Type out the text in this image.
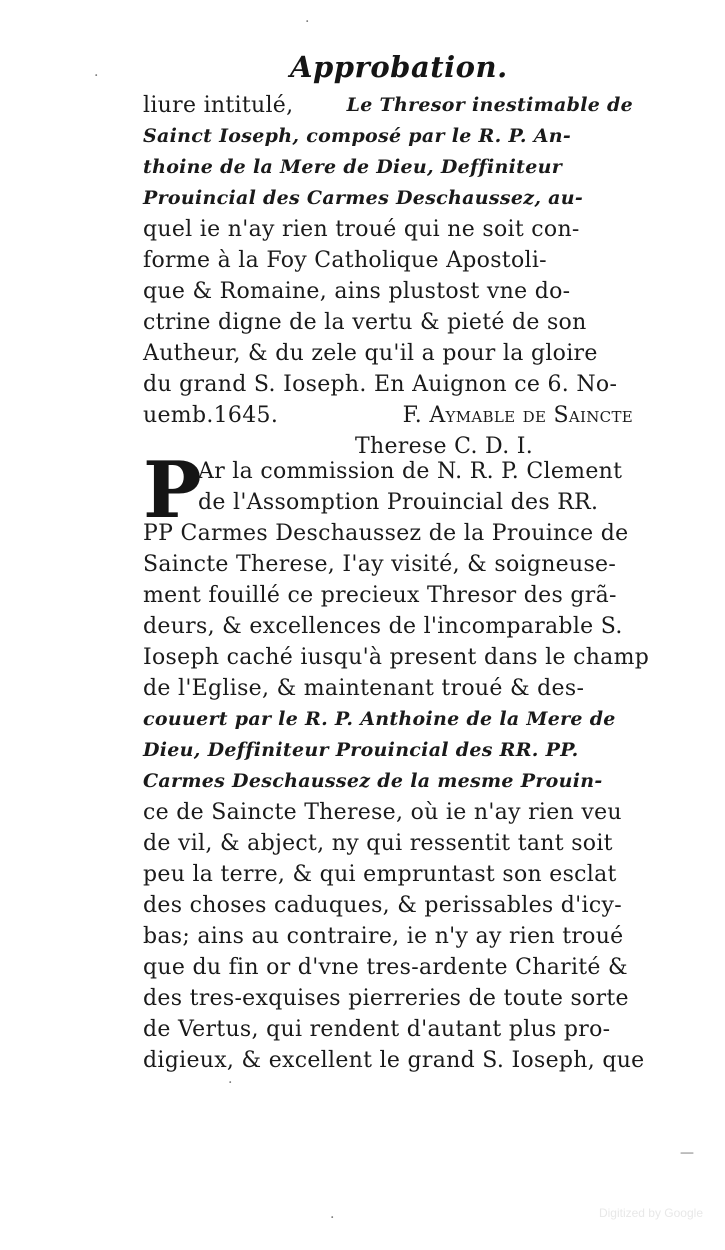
Approbation.
liure intitulé,	Le Thresor inestimable de
Sainct Ioseph, composé par le R. P. An-
thoine de la Mere de Dieu, Deffiniteur
Prouincial des Carmes Deschaussez, au-
quel ie n'ay rien troué qui ne soit con-
forme à la Foy Catholique Apostoli-
que & Romaine, ains plustost vne do-
ctrine digne de la vertu & pieté de son
Autheur, & du zele qu'il a pour la gloire
du grand S. Ioseph. En Auignon ce 6. No-
uemb.1645.	F. Aymable de Saincte
Therese C. D. I.
P
Ar la commission de N. R. P. Clement
de l'Assomption Prouincial des RR.
PP Carmes Deschaussez de la Prouince de
Saincte Therese, I'ay visité, & soigneuse-
ment fouillé ce precieux Thresor des grã-
deurs, & excellences de l'incomparable S.
Ioseph caché iusqu'à present dans le champ
de l'Eglise, & maintenant troué & des-
couuert par le R. P. Anthoine de la Mere de
Dieu, Deffiniteur Prouincial des RR. PP.
Carmes Deschaussez de la mesme Prouin-
ce de Saincte Therese, où ie n'ay rien veu
de vil, & abject, ny qui ressentit tant soit
peu la terre, & qui empruntast son esclat
des choses caduques, & perissables d'icy-
bas; ains au contraire, ie n'y ay rien troué
que du fin or d'vne tres-ardente Charité &
des tres-exquises pierreries de toute sorte
de Vertus, qui rendent d'autant plus pro-
digieux, & excellent le grand S. Ioseph, que
·
·
—
·
·
Digitized by Google
